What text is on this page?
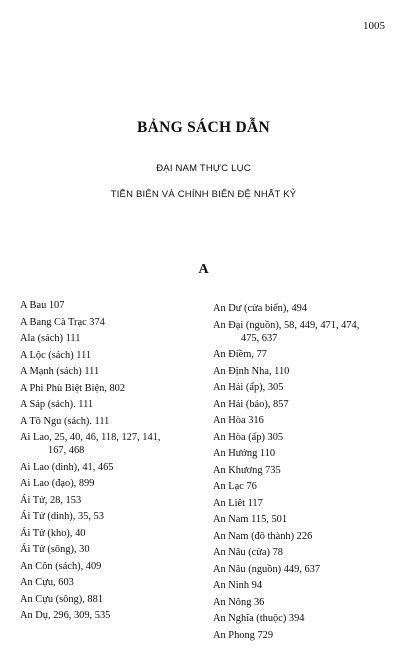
1005
BẢNG SÁCH DẪN
ĐẠI NAM THỰC LỤC
TIỀN BIÊN VÀ CHÍNH BIÊN ĐỆ NHẤT KỶ
A
A Bau 107
A Bang Cà Trạc 374
Ala (sách) 111
A Lộc (sách) 111
A Mạnh (sách) 111
A Phi Phù Biệt Biện, 802
A Sáp (sách). 111
A Tô Ngu (sách). 111
Ai Lao, 25, 40, 46, 118, 127, 141,
167, 468
Ai Lao (dinh), 41, 465
Ai Lao (đạo), 899
Ái Tử, 28, 153
Ái Tử (dinh), 35, 53
Ái Tử (kho), 40
Ái Tử (sông), 30
An Côn (sách), 409
An Cựu, 603
An Cựu (sông), 881
An Dụ, 296, 309, 535
An Dư (cửa biển), 494
An Đại (nguồn), 58, 449, 471, 474,
475, 637
An Điềm, 77
An Định Nha, 110
An Hải (ấp), 305
An Hải (bảo), 857
An Hòa 316
An Hòa (ấp) 305
An Hướng 110
An Khương 735
An Lạc 76
An Liêt 117
An Nam 115, 501
An Nam (đô thành) 226
An Nâu (cửa) 78
An Nâu (nguồn) 449, 637
An Ninh 94
An Nông 36
An Nghĩa (thuộc) 394
An Phong 729
